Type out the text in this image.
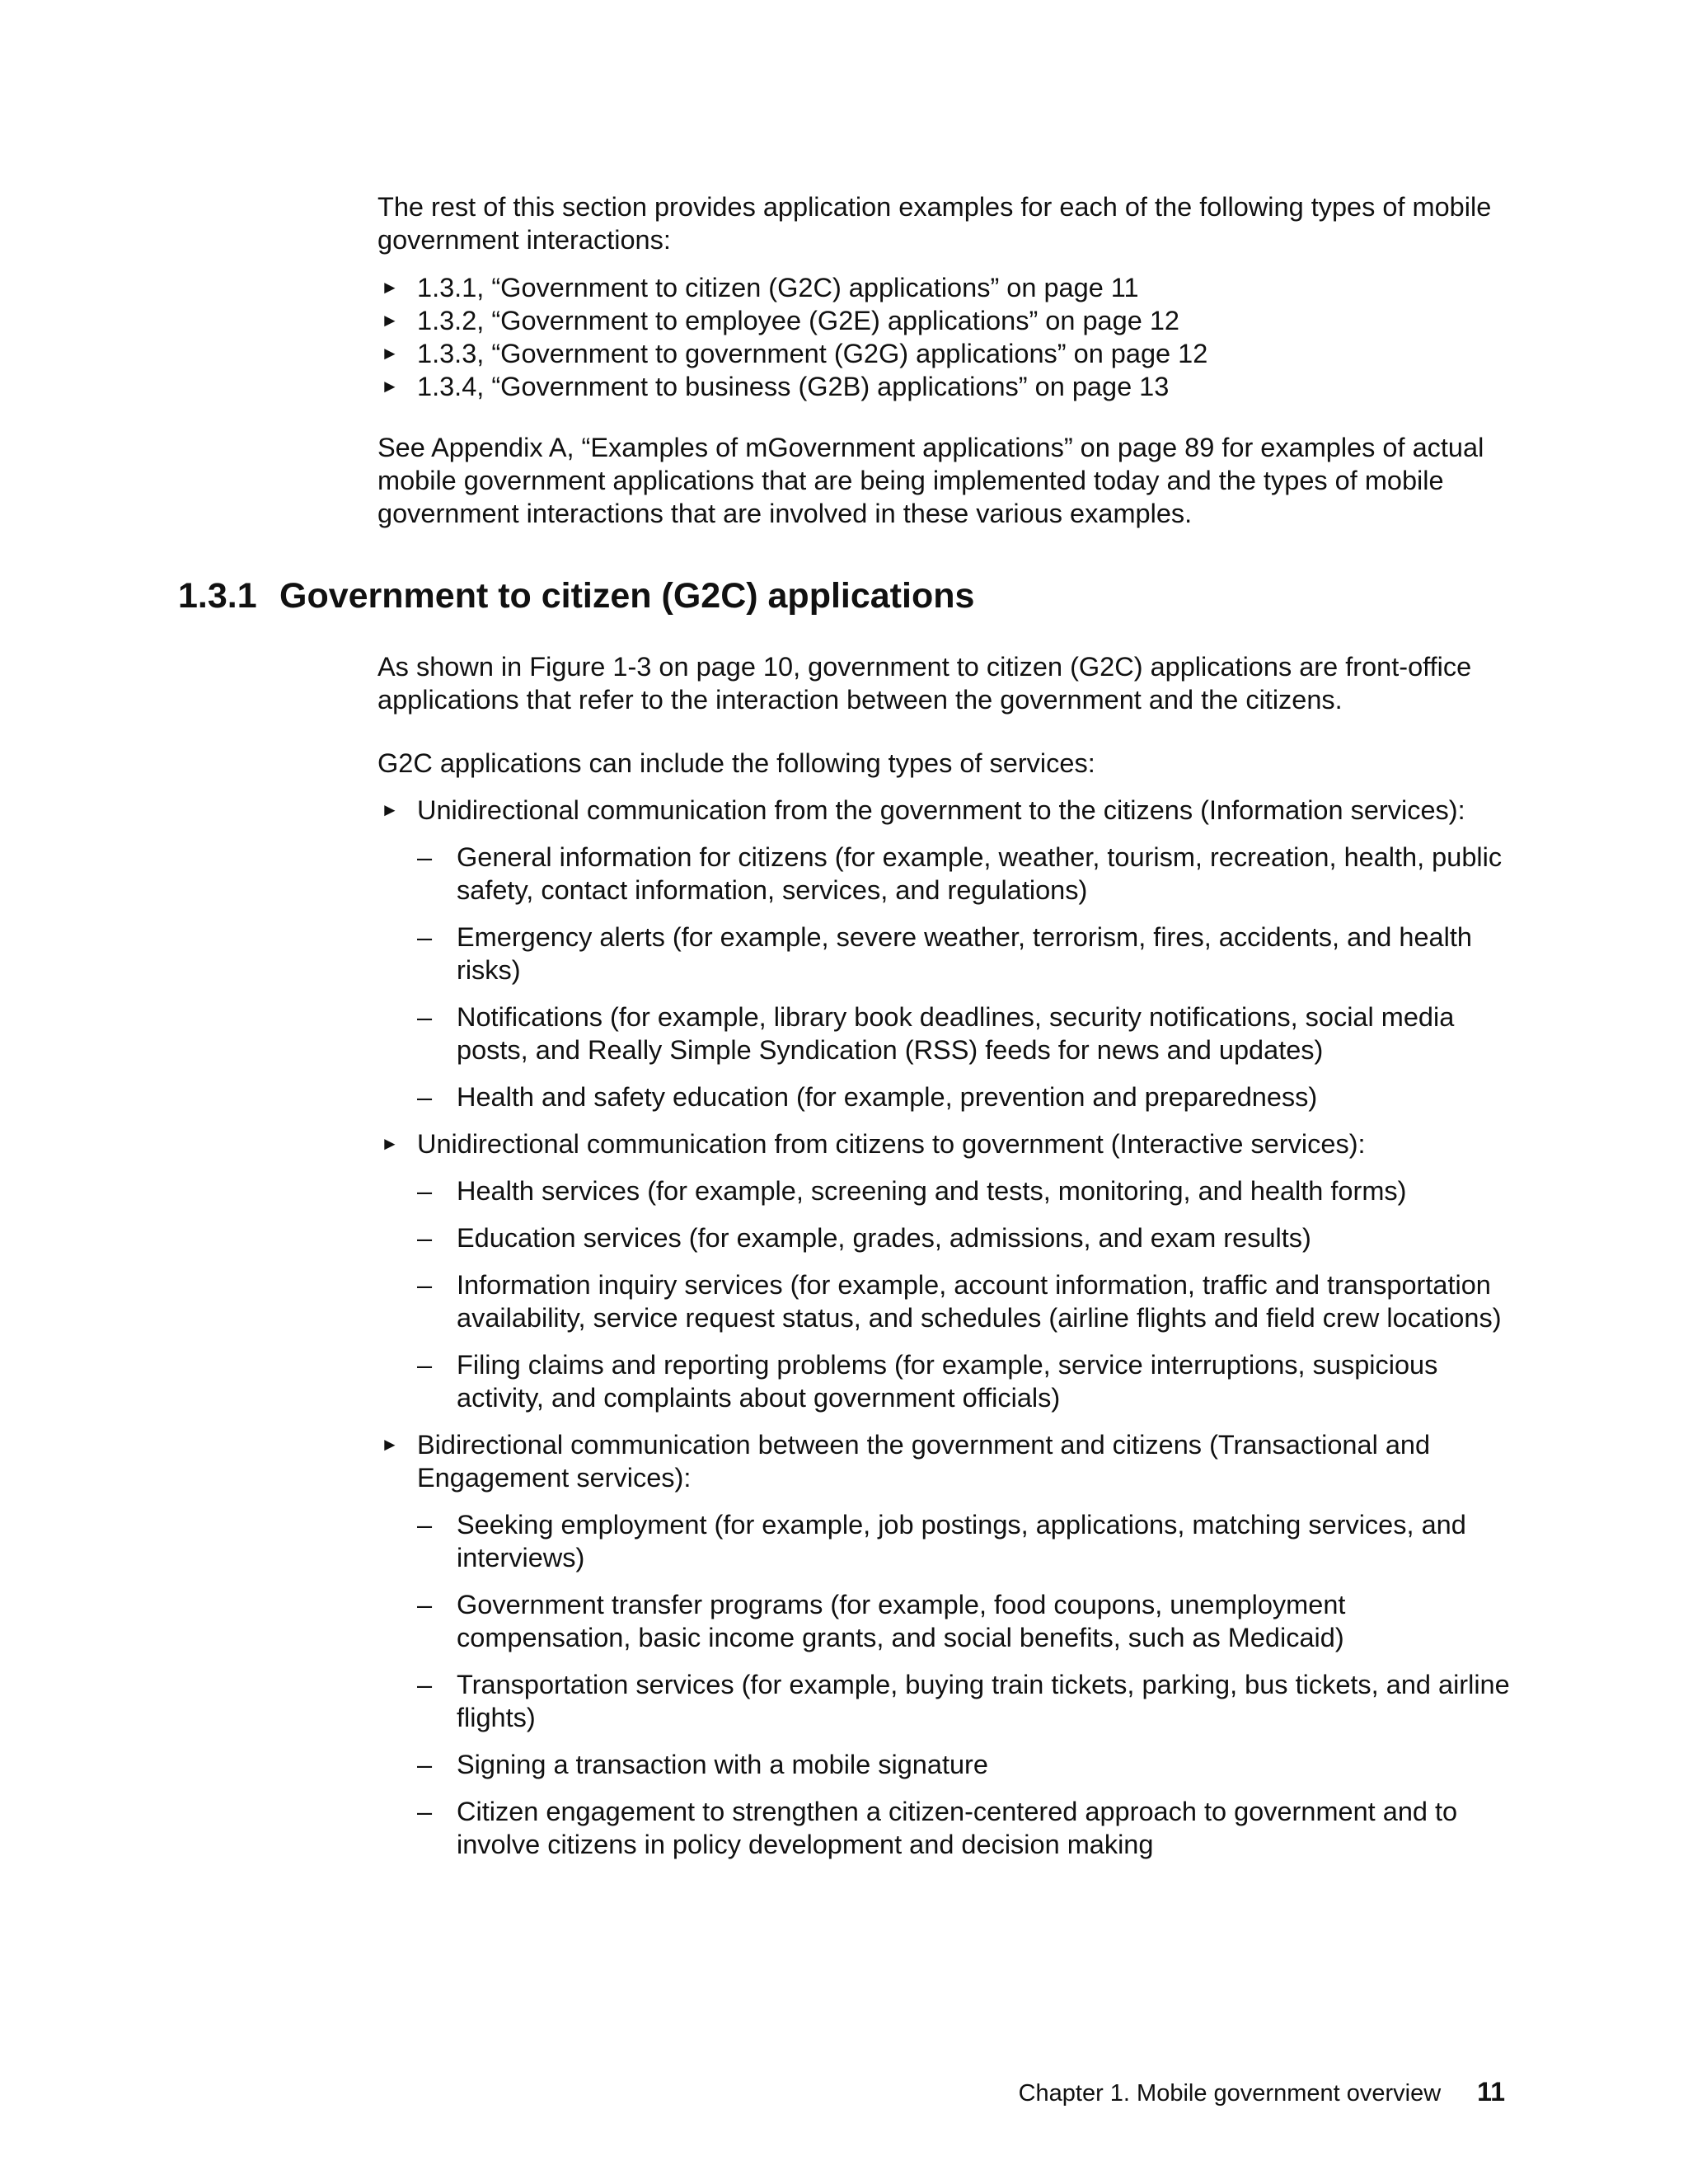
The rest of this section provides application examples for each of the following types of mobile government interactions:

► 1.3.1, “Government to citizen (G2C) applications” on page 11
► 1.3.2, “Government to employee (G2E) applications” on page 12
► 1.3.3, “Government to government (G2G) applications” on page 12
► 1.3.4, “Government to business (G2B) applications” on page 13

See Appendix A, “Examples of mGovernment applications” on page 89 for examples of actual mobile government applications that are being implemented today and the types of mobile government interactions that are involved in these various examples.

1.3.1 Government to citizen (G2C) applications

As shown in Figure 1-3 on page 10, government to citizen (G2C) applications are front-office applications that refer to the interaction between the government and the citizens.

G2C applications can include the following types of services:

► Unidirectional communication from the government to the citizens (Information services):
– General information for citizens (for example, weather, tourism, recreation, health, public safety, contact information, services, and regulations)
– Emergency alerts (for example, severe weather, terrorism, fires, accidents, and health risks)
– Notifications (for example, library book deadlines, security notifications, social media posts, and Really Simple Syndication (RSS) feeds for news and updates)
– Health and safety education (for example, prevention and preparedness)
► Unidirectional communication from citizens to government (Interactive services):
– Health services (for example, screening and tests, monitoring, and health forms)
– Education services (for example, grades, admissions, and exam results)
– Information inquiry services (for example, account information, traffic and transportation availability, service request status, and schedules (airline flights and field crew locations)
– Filing claims and reporting problems (for example, service interruptions, suspicious activity, and complaints about government officials)
► Bidirectional communication between the government and citizens (Transactional and Engagement services):
– Seeking employment (for example, job postings, applications, matching services, and interviews)
– Government transfer programs (for example, food coupons, unemployment compensation, basic income grants, and social benefits, such as Medicaid)
– Transportation services (for example, buying train tickets, parking, bus tickets, and airline flights)
– Signing a transaction with a mobile signature
– Citizen engagement to strengthen a citizen-centered approach to government and to involve citizens in policy development and decision making
Chapter 1. Mobile government overview 11
